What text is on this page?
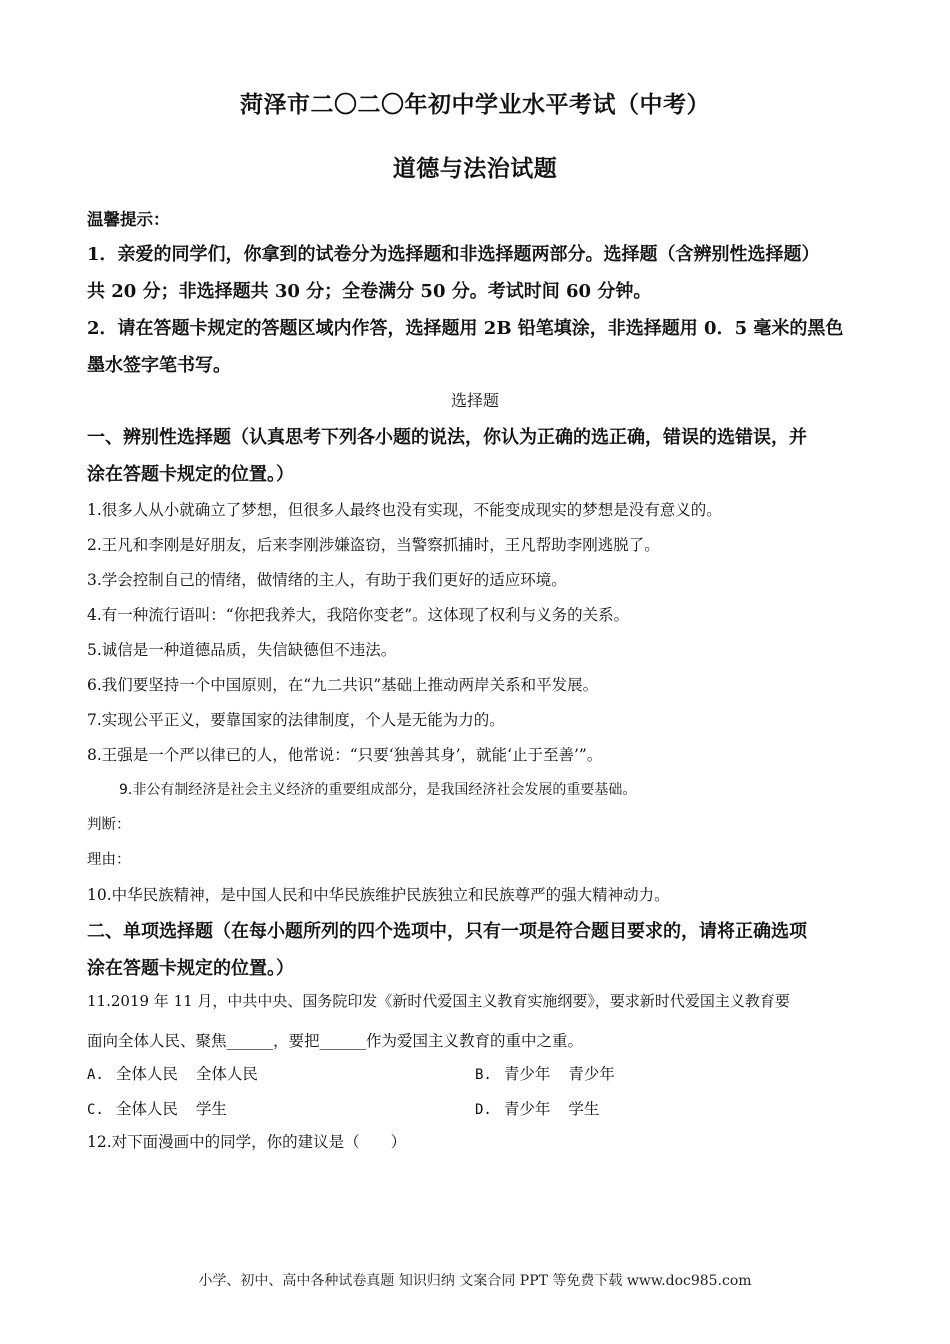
菏泽市二〇二〇年初中学业水平考试（中考）
道德与法治试题
温馨提示：
1．亲爱的同学们，你拿到的试卷分为选择题和非选择题两部分。选择题（含辨别性选择题）
共 20 分；非选择题共 30 分；全卷满分 50 分。考试时间 60 分钟。
2．请在答题卡规定的答题区域内作答，选择题用 2B 铅笔填涂，非选择题用 0．5 毫米的黑色
墨水签字笔书写。
选择题
一、辨别性选择题（认真思考下列各小题的说法，你认为正确的选正确，错误的选错误，并
涂在答题卡规定的位置。）
1.很多人从小就确立了梦想，但很多人最终也没有实现，不能变成现实的梦想是没有意义的。
2.王凡和李刚是好朋友，后来李刚涉嫌盗窃，当警察抓捕时，王凡帮助李刚逃脱了。
3.学会控制自己的情绪，做情绪的主人，有助于我们更好的适应环境。
4.有一种流行语叫：“你把我养大，我陪你变老”。这体现了权利与义务的关系。
5.诚信是一种道德品质，失信缺德但不违法。
6.我们要坚持一个中国原则，在“九二共识”基础上推动两岸关系和平发展。
7.实现公平正义，要靠国家的法律制度，个人是无能为力的。
8.王强是一个严以律已的人，他常说：“只要‘独善其身’，就能‘止于至善’”。
9.非公有制经济是社会主义经济的重要组成部分，是我国经济社会发展的重要基础。
判断：
理由：
10.中华民族精神，是中国人民和中华民族维护民族独立和民族尊严的强大精神动力。
二、单项选择题（在每小题所列的四个选项中，只有一项是符合题目要求的，请将正确选项
涂在答题卡规定的位置。）
11.2019 年 11 月，中共中央、国务院印发《新时代爱国主义教育实施纲要》，要求新时代爱国主义教育要
面向全体人民、聚焦______，要把______作为爱国主义教育的重中之重。
A. 全体人民 全体人民	B. 青少年 青少年
C. 全体人民 学生	D. 青少年 学生
12.对下面漫画中的同学，你的建议是（　　）
小学、初中、高中各种试卷真题 知识归纳 文案合同 PPT 等免费下载 www.doc985.com
